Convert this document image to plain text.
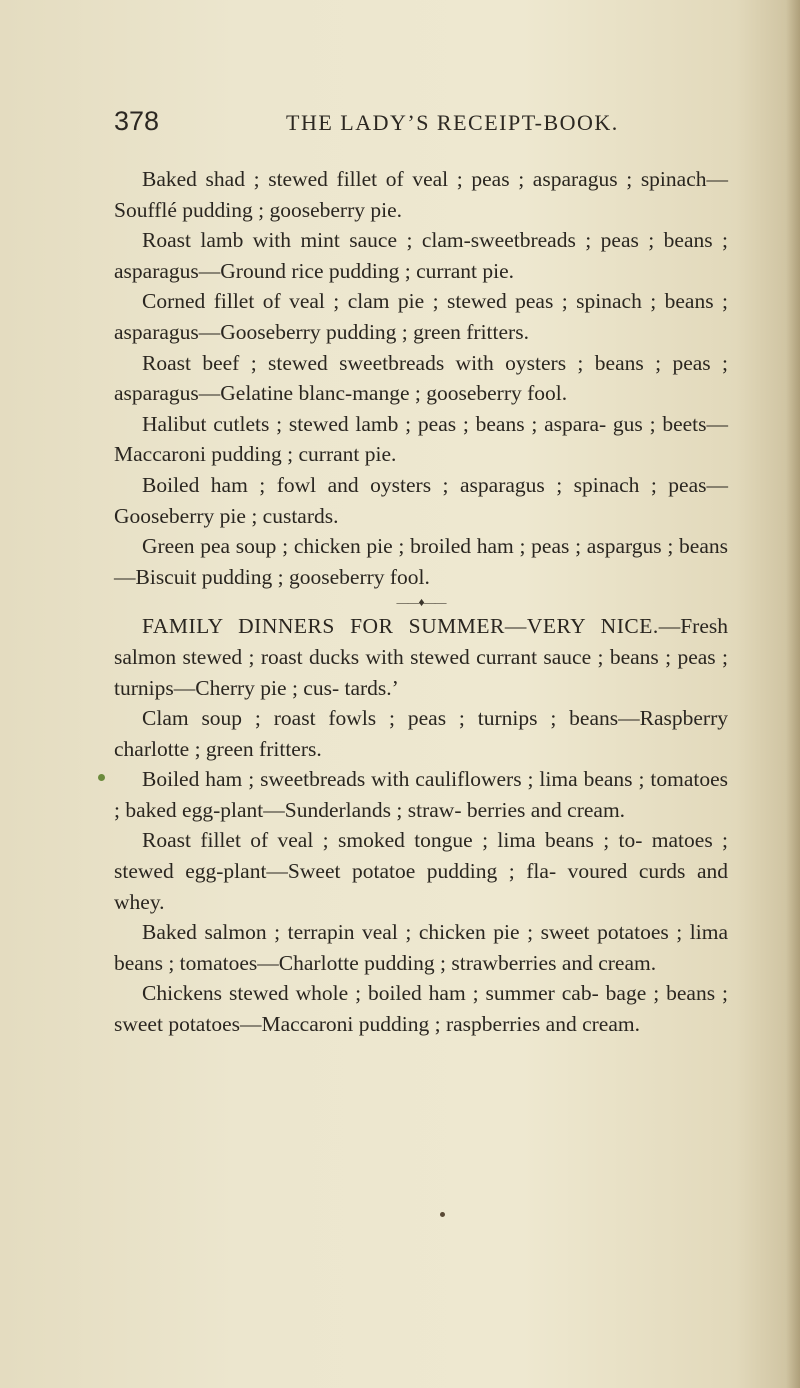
378	THE LADY’S RECEIPT-BOOK.

Baked shad ; stewed fillet of veal ; peas ; asparagus ; spinach—Soufflé pudding ; gooseberry pie.

Roast lamb with mint sauce ; clam-sweetbreads ; peas ; beans ; asparagus—Ground rice pudding ; currant pie.

Corned fillet of veal ; clam pie ; stewed peas ; spinach ; beans ; asparagus—Gooseberry pudding ; green fritters.

Roast beef ; stewed sweetbreads with oysters ; beans ; peas ; asparagus—Gelatine blanc-mange ; gooseberry fool.

Halibut cutlets ; stewed lamb ; peas ; beans ; aspara- gus ; beets—Maccaroni pudding ; currant pie.

Boiled ham ; fowl and oysters ; asparagus ; spinach ; peas—Gooseberry pie ; custards.

Green pea soup ; chicken pie ; broiled ham ; peas ; aspargus ; beans—Biscuit pudding ; gooseberry fool.

——♦——

FAMILY DINNERS FOR SUMMER—VERY NICE.—Fresh salmon stewed ; roast ducks with stewed currant sauce ; beans ; peas ; turnips—Cherry pie ; cus- tards.’

Clam soup ; roast fowls ; peas ; turnips ; beans—Raspberry charlotte ; green fritters.

Boiled ham ; sweetbreads with cauliflowers ; lima beans ; tomatoes ; baked egg-plant—Sunderlands ; straw- berries and cream.

Roast fillet of veal ; smoked tongue ; lima beans ; to- matoes ; stewed egg-plant—Sweet potatoe pudding ; fla- voured curds and whey.

Baked salmon ; terrapin veal ; chicken pie ; sweet potatoes ; lima beans ; tomatoes—Charlotte pudding ; strawberries and cream.

Chickens stewed whole ; boiled ham ; summer cab- bage ; beans ; sweet potatoes—Maccaroni pudding ; raspberries and cream.
